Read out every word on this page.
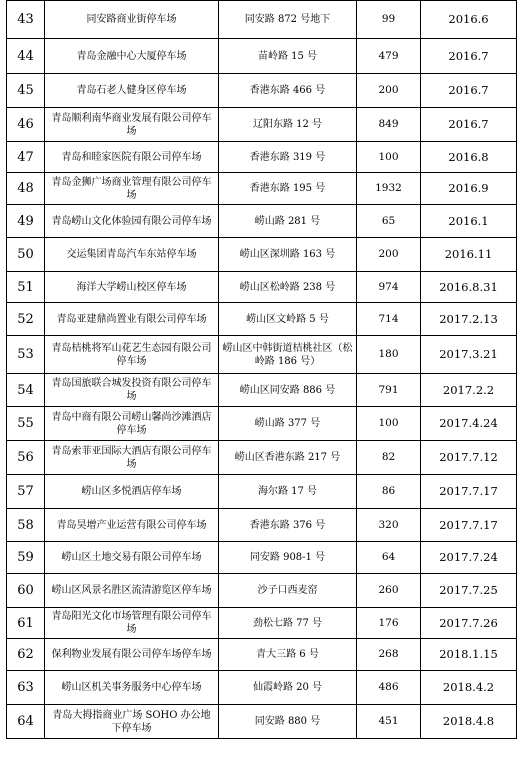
43	同安路商业街停车场	同安路 872 号地下	99	2016.6
44	青岛金融中心大厦停车场	苗岭路 15 号	479	2016.7
45	青岛石老人健身区停车场	香港东路 466 号	200	2016.7
46	青岛顺利南华商业发展有限公司停车场	辽阳东路 12 号	849	2016.7
47	青岛和睦家医院有限公司停车场	香港东路 319 号	100	2016.8
48	青岛金狮广场商业管理有限公司停车场	香港东路 195 号	1932	2016.9
49	青岛崂山文化体验园有限公司停车场	崂山路 281 号	65	2016.1
50	交运集团青岛汽车东站停车场	崂山区深圳路 163 号	200	2016.11
51	海洋大学崂山校区停车场	崂山区松岭路 238 号	974	2016.8.31
52	青岛亚建鼎尚置业有限公司停车场	崂山区文岭路 5 号	714	2017.2.13
53	青岛桔桃将军山花艺生态园有限公司停车场	崂山区中韩街道桔桃社区（松岭路 186 号）	180	2017.3.21
54	青岛国旅联合城发投资有限公司停车场	崂山区同安路 886 号	791	2017.2.2
55	青岛中商有限公司崂山馨尚沙滩酒店停车场	崂山路 377 号	100	2017.4.24
56	青岛索菲亚国际大酒店有限公司停车场	崂山区香港东路 217 号	82	2017.7.12
57	崂山区多悦酒店停车场	海尔路 17 号	86	2017.7.17
58	青岛昊增产业运营有限公司停车场	香港东路 376 号	320	2017.7.17
59	崂山区土地交易有限公司停车场	同安路 908-1 号	64	2017.7.24
60	崂山区风景名胜区流清游览区停车场	沙子口西麦窑	260	2017.7.25
61	青岛阳光文化市场管理有限公司停车场	劲松七路 77 号	176	2017.7.26
62	保利物业发展有限公司停车场停车场	青大三路 6 号	268	2018.1.15
63	崂山区机关事务服务中心停车场	仙霞岭路 20 号	486	2018.4.2
64	青岛大拇指商业广场 SOHO 办公地下停车场	同安路 880 号	451	2018.4.8
